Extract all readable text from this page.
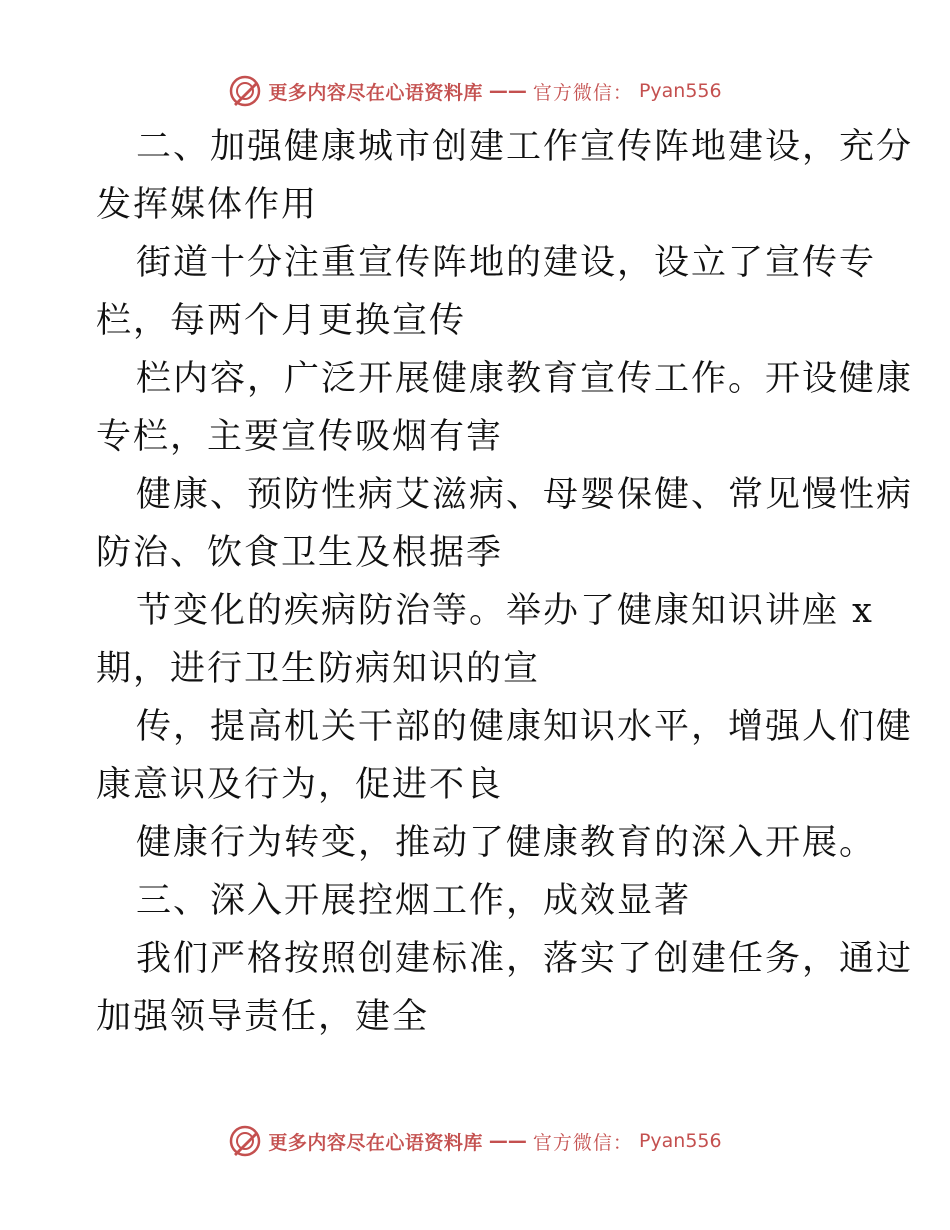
更多内容尽在心语资料库 —— 官方微信： Pyan556
二、加强健康城市创建工作宣传阵地建设，充分
发挥媒体作用
街道十分注重宣传阵地的建设，设立了宣传专
栏，每两个月更换宣传
栏内容，广泛开展健康教育宣传工作。开设健康
专栏，主要宣传吸烟有害
健康、预防性病艾滋病、母婴保健、常见慢性病
防治、饮食卫生及根据季
节变化的疾病防治等。举办了健康知识讲座 x
期，进行卫生防病知识的宣
传，提高机关干部的健康知识水平，增强人们健
康意识及行为，促进不良
健康行为转变，推动了健康教育的深入开展。
三、深入开展控烟工作，成效显著
我们严格按照创建标准，落实了创建任务，通过
加强领导责任，建全
更多内容尽在心语资料库 —— 官方微信： Pyan556
